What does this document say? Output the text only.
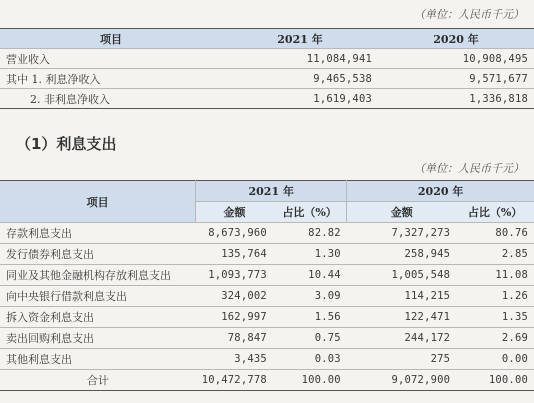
（单位：人民币千元）
项目	2021 年	2020 年
营业收入	11,084,941	10,908,495
其中 1. 利息净收入	9,465,538	9,571,677
2. 非利息净收入	1,619,403	1,336,818
（1）利息支出
（单位：人民币千元）
项目	2021 年		2020 年	
	金额	占比（%）	金额	占比（%）
存款利息支出	8,673,960	82.82	7,327,273	80.76
发行债券利息支出	135,764	1.30	258,945	2.85
同业及其他金融机构存放利息支出	1,093,773	10.44	1,005,548	11.08
向中央银行借款利息支出	324,002	3.09	114,215	1.26
拆入资金利息支出	162,997	1.56	122,471	1.35
卖出回购利息支出	78,847	0.75	244,172	2.69
其他利息支出	3,435	0.03	275	0.00
合计	10,472,778	100.00	9,072,900	100.00
